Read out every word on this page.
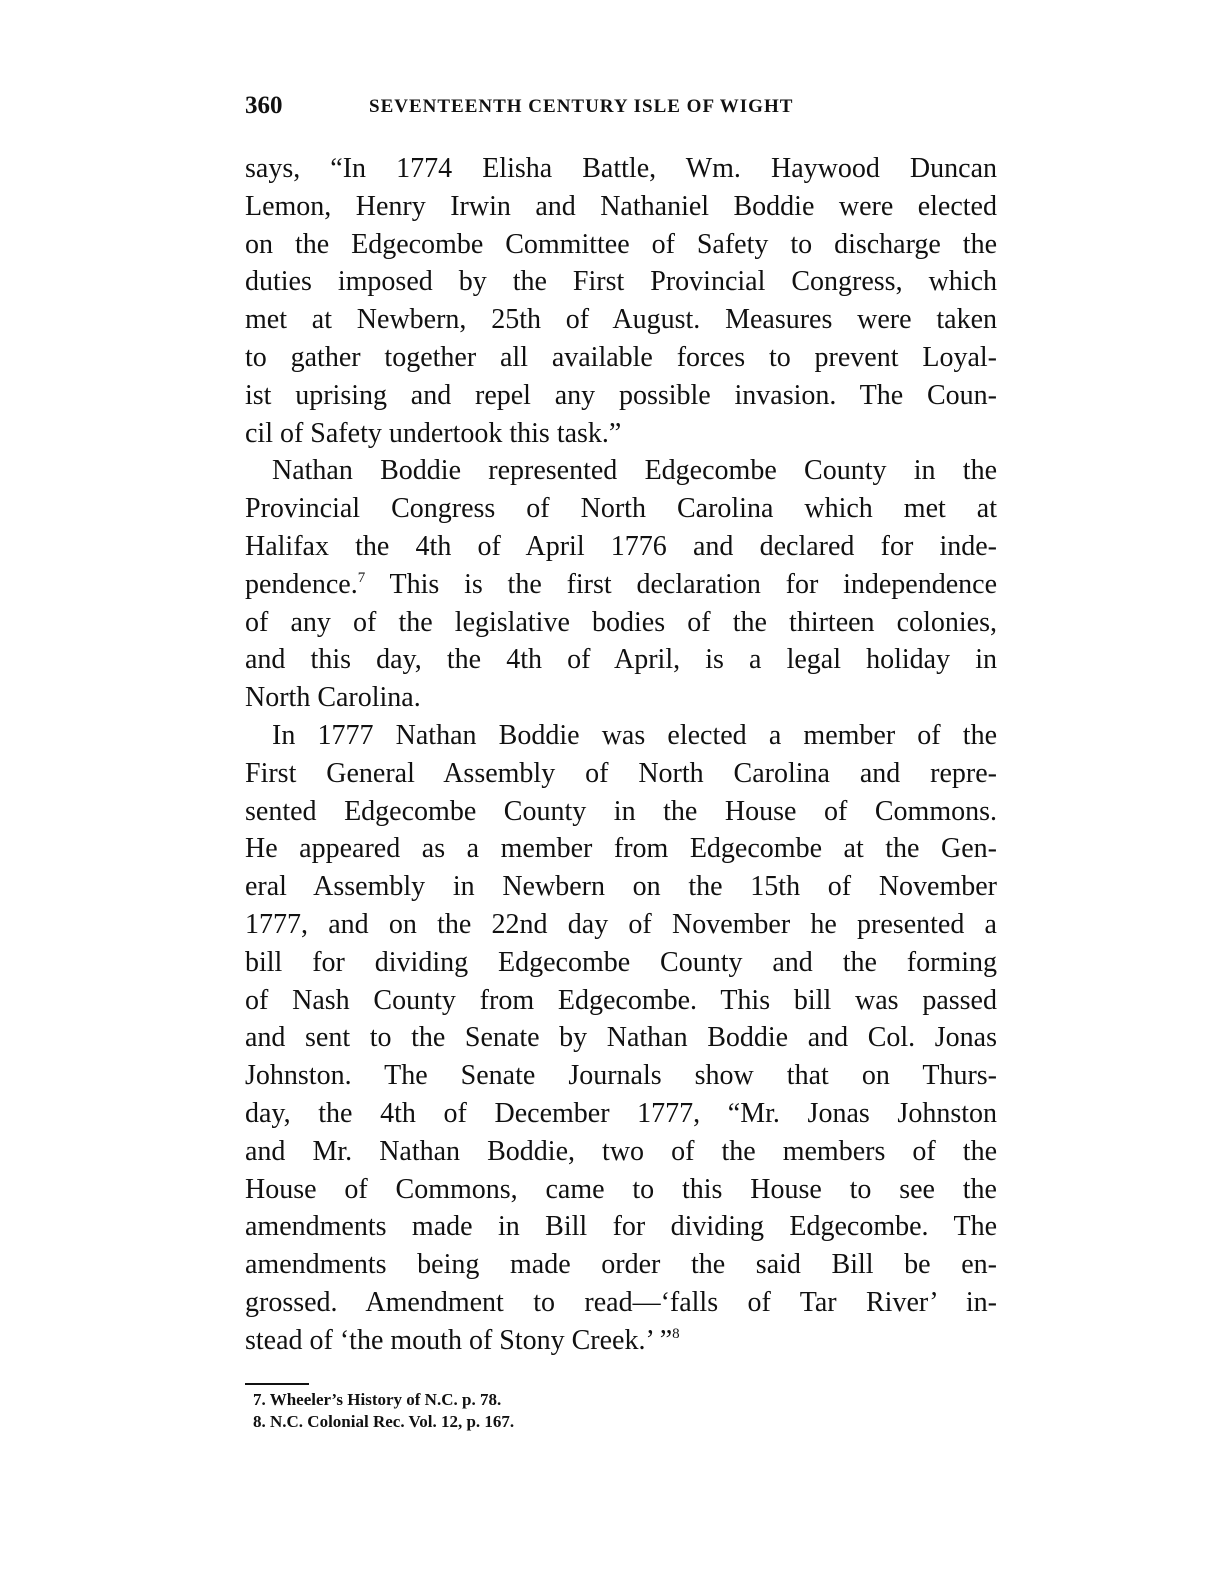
360	SEVENTEENTH CENTURY ISLE OF WIGHT
says, “In 1774 Elisha Battle, Wm. Haywood Duncan
Lemon, Henry Irwin and Nathaniel Boddie were elected
on the Edgecombe Committee of Safety to discharge the
duties imposed by the First Provincial Congress, which
met at Newbern, 25th of August. Measures were taken
to gather together all available forces to prevent Loyal-
ist uprising and repel any possible invasion. The Coun-
cil of Safety undertook this task.”
Nathan Boddie represented Edgecombe County in the
Provincial Congress of North Carolina which met at
Halifax the 4th of April 1776 and declared for inde-
pendence.$^7$ This is the first declaration for independence
of any of the legislative bodies of the thirteen colonies,
and this day, the 4th of April, is a legal holiday in
North Carolina.
In 1777 Nathan Boddie was elected a member of the
First General Assembly of North Carolina and repre-
sented Edgecombe County in the House of Commons.
He appeared as a member from Edgecombe at the Gen-
eral Assembly in Newbern on the 15th of November
1777, and on the 22nd day of November he presented a
bill for dividing Edgecombe County and the forming
of Nash County from Edgecombe. This bill was passed
and sent to the Senate by Nathan Boddie and Col. Jonas
Johnston. The Senate Journals show that on Thurs-
day, the 4th of December 1777, “Mr. Jonas Johnston
and Mr. Nathan Boddie, two of the members of the
House of Commons, came to this House to see the
amendments made in Bill for dividing Edgecombe. The
amendments being made order the said Bill be en-
grossed. Amendment to read—‘falls of Tar River’ in-
stead of ‘the mouth of Stony Creek.’ ”$^8$
7. Wheeler’s History of N.C. p. 78.
8. N.C. Colonial Rec. Vol. 12, p. 167.
